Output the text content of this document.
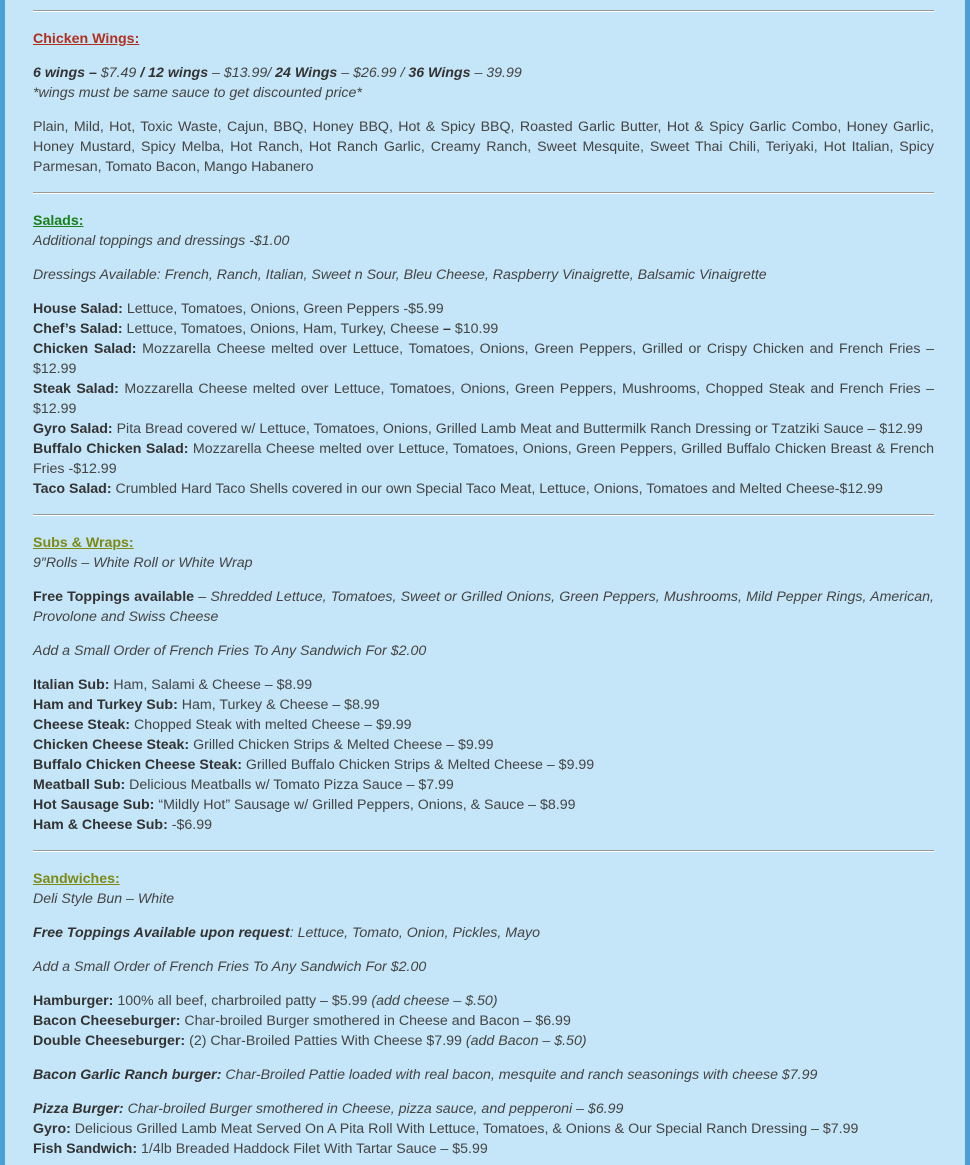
Chicken Wings:

6 wings – $7.49 / 12 wings – $13.99/ 24 Wings – $26.99 / 36 Wings – 39.99

*wings must be same sauce to get discounted price*

Plain, Mild, Hot, Toxic Waste, Cajun, BBQ, Honey BBQ, Hot & Spicy BBQ, Roasted Garlic Butter, Hot & Spicy Garlic Combo, Honey Garlic, Honey Mustard, Spicy Melba, Hot Ranch, Hot Ranch Garlic, Creamy Ranch, Sweet Mesquite, Sweet Thai Chili, Teriyaki, Hot Italian, Spicy Parmesan, Tomato Bacon, Mango Habanero

Salads:

Additional toppings and dressings -$1.00

Dressings Available: French, Ranch, Italian, Sweet n Sour, Bleu Cheese, Raspberry Vinaigrette, Balsamic Vinaigrette

House Salad: Lettuce, Tomatoes, Onions, Green Peppers -$5.99

Chef’s Salad: Lettuce, Tomatoes, Onions, Ham, Turkey, Cheese – $10.99

Chicken Salad: Mozzarella Cheese melted over Lettuce, Tomatoes, Onions, Green Peppers, Grilled or Crispy Chicken and French Fries – $12.99

Steak Salad: Mozzarella Cheese melted over Lettuce, Tomatoes, Onions, Green Peppers, Mushrooms, Chopped Steak and French Fries – $12.99

Gyro Salad: Pita Bread covered w/ Lettuce, Tomatoes, Onions, Grilled Lamb Meat and Buttermilk Ranch Dressing or Tzatziki Sauce – $12.99

Buffalo Chicken Salad: Mozzarella Cheese melted over Lettuce, Tomatoes, Onions, Green Peppers, Grilled Buffalo Chicken Breast & French Fries -$12.99

Taco Salad: Crumbled Hard Taco Shells covered in our own Special Taco Meat, Lettuce, Onions, Tomatoes and Melted Cheese-$12.99

Subs & Wraps:

9″Rolls – White Roll or White Wrap

Free Toppings available – Shredded Lettuce, Tomatoes, Sweet or Grilled Onions, Green Peppers, Mushrooms, Mild Pepper Rings, American, Provolone and Swiss Cheese

Add a Small Order of French Fries To Any Sandwich For $2.00

Italian Sub: Ham, Salami & Cheese – $8.99

Ham and Turkey Sub: Ham, Turkey & Cheese – $8.99

Cheese Steak: Chopped Steak with melted Cheese – $9.99

Chicken Cheese Steak: Grilled Chicken Strips & Melted Cheese – $9.99

Buffalo Chicken Cheese Steak: Grilled Buffalo Chicken Strips & Melted Cheese – $9.99

Meatball Sub: Delicious Meatballs w/ Tomato Pizza Sauce – $7.99

Hot Sausage Sub: “Mildly Hot” Sausage w/ Grilled Peppers, Onions, & Sauce – $8.99

Ham & Cheese Sub: -$6.99

Sandwiches:

Deli Style Bun – White

Free Toppings Available upon request: Lettuce, Tomato, Onion, Pickles, Mayo

Add a Small Order of French Fries To Any Sandwich For $2.00

Hamburger: 100% all beef, charbroiled patty – $5.99 (add cheese – $.50)

Bacon Cheeseburger: Char-broiled Burger smothered in Cheese and Bacon – $6.99

Double Cheeseburger: (2) Char-Broiled Patties With Cheese $7.99 (add Bacon – $.50)

Bacon Garlic Ranch burger: Char-Broiled Pattie loaded with real bacon, mesquite and ranch seasonings with cheese $7.99

Pizza Burger: Char-broiled Burger smothered in Cheese, pizza sauce, and pepperoni – $6.99

Gyro: Delicious Grilled Lamb Meat Served On A Pita Roll With Lettuce, Tomatoes, & Onions & Our Special Ranch Dressing – $7.99

Fish Sandwich: 1/4lb Breaded Haddock Filet With Tartar Sauce – $5.99
